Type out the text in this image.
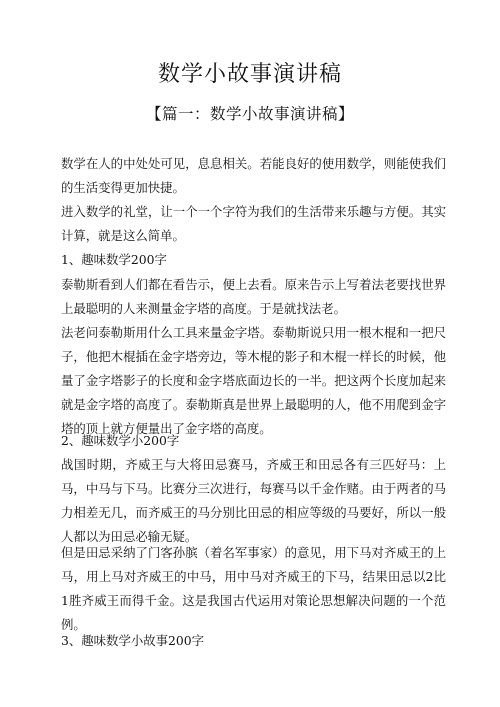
数学小故事演讲稿
【篇一：数学小故事演讲稿】
数学在人的中处处可见，息息相关。若能良好的使用数学，则能使我们的生活变得更加快捷。
进入数学的礼堂，让一个一个字符为我们的生活带来乐趣与方便。其实计算，就是这么简单。
1、趣味数学200字
泰勒斯看到人们都在看告示，便上去看。原来告示上写着法老要找世界上最聪明的人来测量金字塔的高度。于是就找法老。
法老问泰勒斯用什么工具来量金字塔。泰勒斯说只用一根木棍和一把尺子，他把木棍插在金字塔旁边，等木棍的影子和木棍一样长的时候，他量了金字塔影子的长度和金字塔底面边长的一半。把这两个长度加起来就是金字塔的高度了。泰勒斯真是世界上最聪明的人，他不用爬到金字塔的顶上就方便量出了金字塔的高度。
2、趣味数学小200字
战国时期，齐威王与大将田忌赛马，齐威王和田忌各有三匹好马：上马，中马与下马。比赛分三次进行，每赛马以千金作赌。由于两者的马力相差无几，而齐威王的马分别比田忌的相应等级的马要好，所以一般人都以为田忌必输无疑。
但是田忌采纳了门客孙膑（着名军事家）的意见，用下马对齐威王的上马，用上马对齐威王的中马，用中马对齐威王的下马，结果田忌以2比1胜齐威王而得千金。这是我国古代运用对策论思想解决问题的一个范例。
3、趣味数学小故事200字
